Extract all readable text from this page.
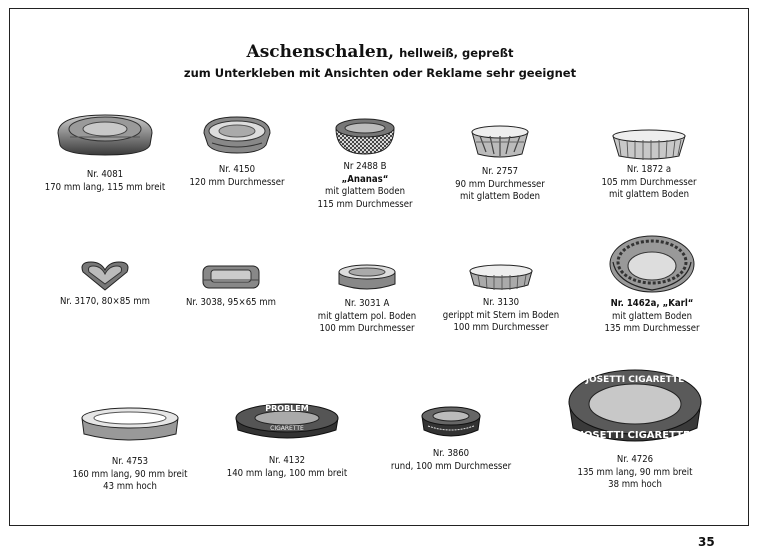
Aschenschalen, hellweiß, gepreßt
zum Unterkleben mit Ansichten oder Reklame sehr geeignet
Nr. 4081
170 mm lang, 115 mm breit
Nr. 4150
120 mm Durchmesser
Nr 2488 B
„Ananas“
mit glattem Boden
115 mm Durchmesser
Nr. 2757
90 mm Durchmesser
mit glattem Boden
Nr. 1872 a
105 mm Durchmesser
mit glattem Boden
Nr. 3170, 80×85 mm	Nr. 3038, 95×65 mm	Nr. 3031 A
mit glattem pol. Boden
100 mm Durchmesser
Nr. 3130
gerippt mit Stern im Boden
100 mm Durchmesser
Nr. 1462a, „Karl“
mit glattem Boden
135 mm Durchmesser
Nr. 4753
160 mm lang, 90 mm breit
43 mm hoch
PROBLEM
CIGARETTE
Nr. 4132
140 mm lang, 100 mm breit
Nr. 3860
rund, 100 mm Durchmesser
JOSETTI CIGARETTE
JOSETTI CIGARETTE
Nr. 4726
135 mm lang, 90 mm breit
38 mm hoch
35
